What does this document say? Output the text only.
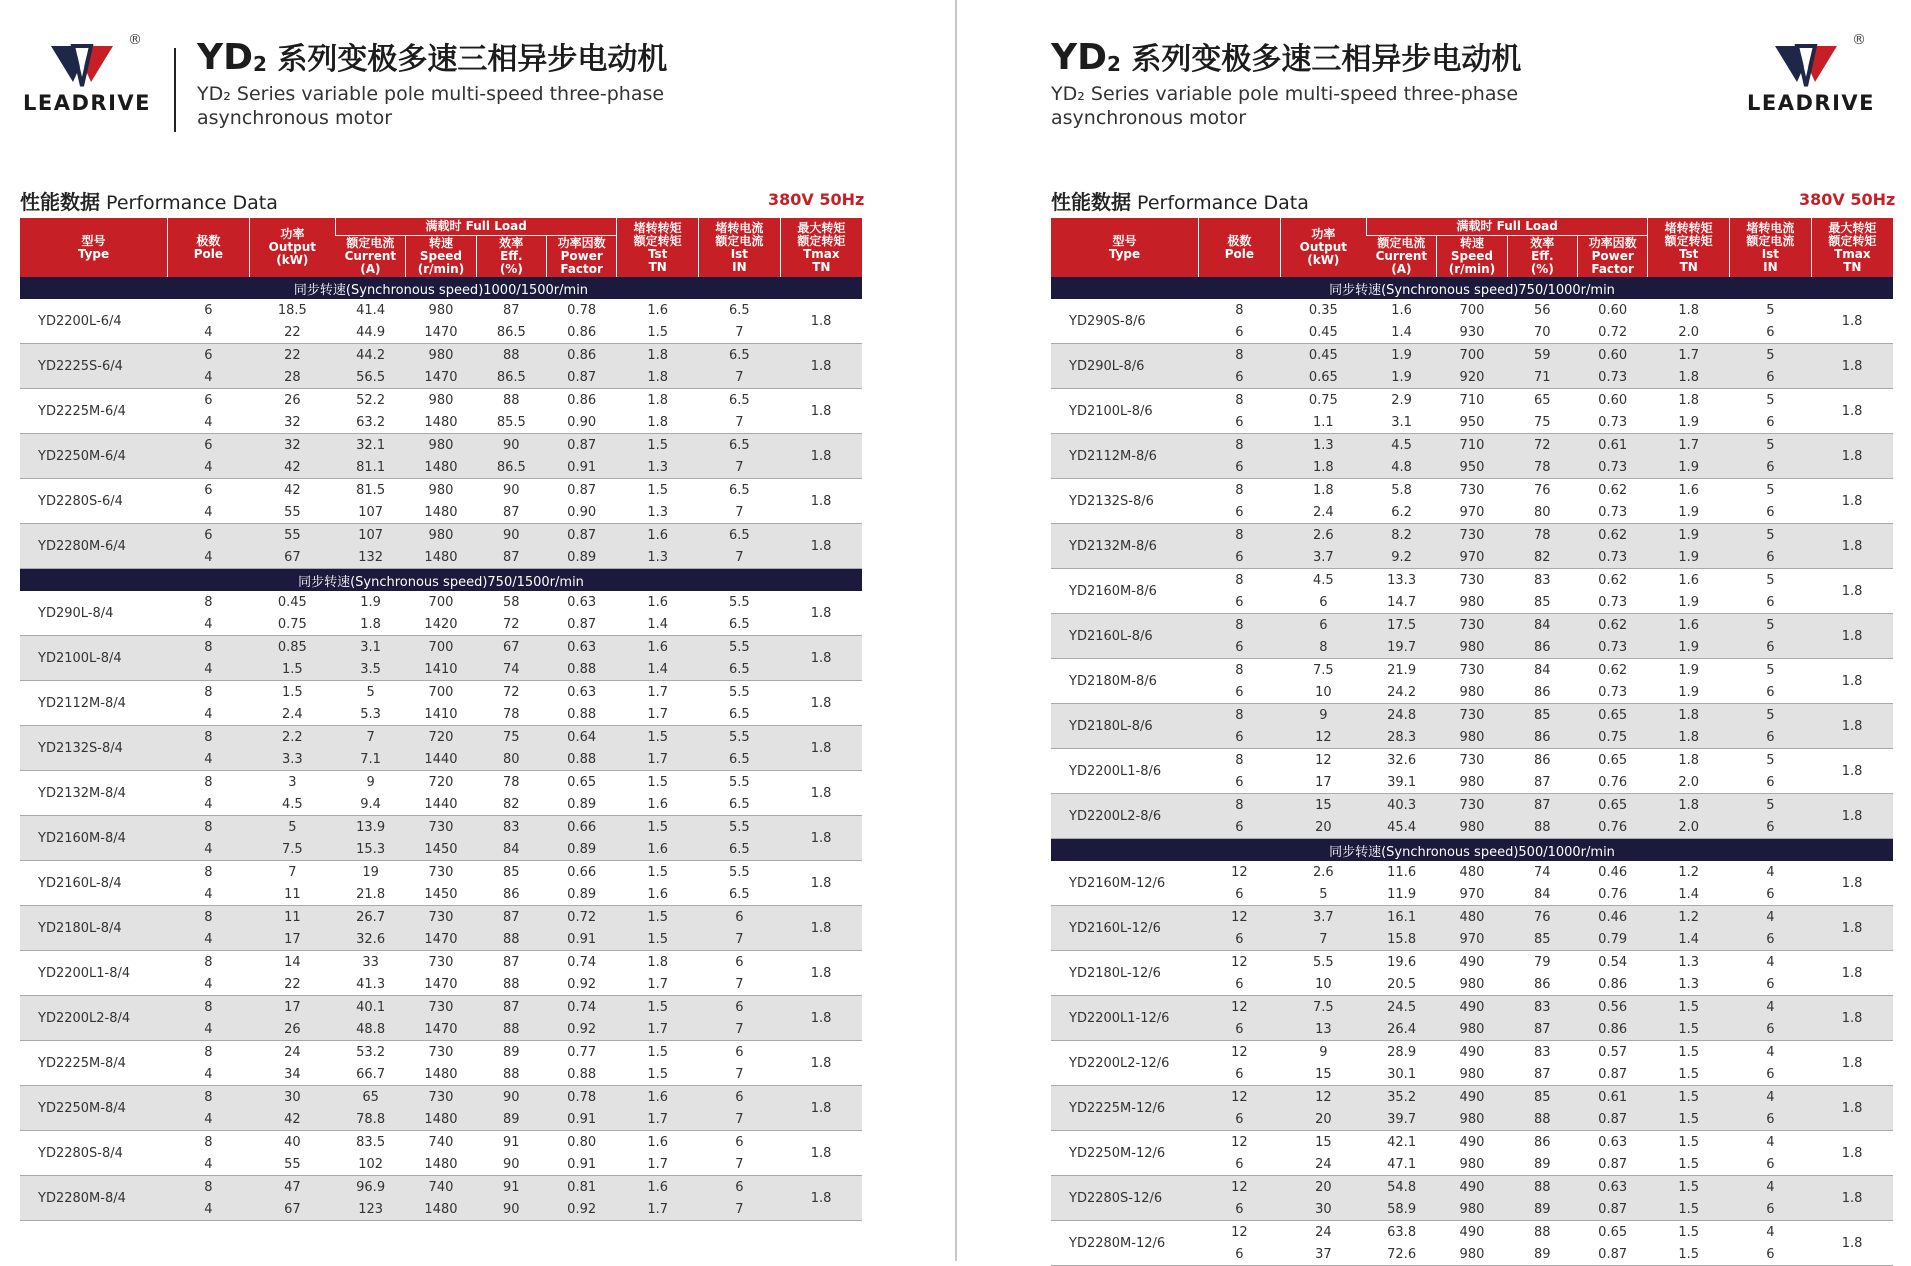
®
LEADRIVE
$YD_2$ 系列变极多速三相异步电动机
YD₂ Series variable pole multi-speed three-phase asynchronous motor
性能数据 Performance Data	380V 50Hz
型号
Type	极数
Pole	功率
Output
(kW)	满载时 Full Load				堵转转矩
额定转矩
Tst
TN	堵转电流
额定电流
Ist
IN	最大转矩
额定转矩
Tmax
TN
			额定电流
Current
(A)	转速
Speed
(r/min)	效率
Eff.
(%)	功率因数
Power
Factor			
同步转速(Synchronous speed)1000/1500r/min									
YD2200L-6/4	6	18.5	41.4	980	87	0.78	1.6	6.5	1.8
	4	22	44.9	1470	86.5	0.86	1.5	7	
YD2225S-6/4	6	22	44.2	980	88	0.86	1.8	6.5	1.8
	4	28	56.5	1470	86.5	0.87	1.8	7	
YD2225M-6/4	6	26	52.2	980	88	0.86	1.8	6.5	1.8
	4	32	63.2	1480	85.5	0.90	1.8	7	
YD2250M-6/4	6	32	32.1	980	90	0.87	1.5	6.5	1.8
	4	42	81.1	1480	86.5	0.91	1.3	7	
YD2280S-6/4	6	42	81.5	980	90	0.87	1.5	6.5	1.8
	4	55	107	1480	87	0.90	1.3	7	
YD2280M-6/4	6	55	107	980	90	0.87	1.6	6.5	1.8
	4	67	132	1480	87	0.89	1.3	7	
同步转速(Synchronous speed)750/1500r/min									
YD290L-8/4	8	0.45	1.9	700	58	0.63	1.6	5.5	1.8
	4	0.75	1.8	1420	72	0.87	1.4	6.5	
YD2100L-8/4	8	0.85	3.1	700	67	0.63	1.6	5.5	1.8
	4	1.5	3.5	1410	74	0.88	1.4	6.5	
YD2112M-8/4	8	1.5	5	700	72	0.63	1.7	5.5	1.8
	4	2.4	5.3	1410	78	0.88	1.7	6.5	
YD2132S-8/4	8	2.2	7	720	75	0.64	1.5	5.5	1.8
	4	3.3	7.1	1440	80	0.88	1.7	6.5	
YD2132M-8/4	8	3	9	720	78	0.65	1.5	5.5	1.8
	4	4.5	9.4	1440	82	0.89	1.6	6.5	
YD2160M-8/4	8	5	13.9	730	83	0.66	1.5	5.5	1.8
	4	7.5	15.3	1450	84	0.89	1.6	6.5	
YD2160L-8/4	8	7	19	730	85	0.66	1.5	5.5	1.8
	4	11	21.8	1450	86	0.89	1.6	6.5	
YD2180L-8/4	8	11	26.7	730	87	0.72	1.5	6	1.8
	4	17	32.6	1470	88	0.91	1.5	7	
YD2200L1-8/4	8	14	33	730	87	0.74	1.8	6	1.8
	4	22	41.3	1470	88	0.92	1.7	7	
YD2200L2-8/4	8	17	40.1	730	87	0.74	1.5	6	1.8
	4	26	48.8	1470	88	0.92	1.7	7	
YD2225M-8/4	8	24	53.2	730	89	0.77	1.5	6	1.8
	4	34	66.7	1480	88	0.88	1.5	7	
YD2250M-8/4	8	30	65	730	90	0.78	1.6	6	1.8
	4	42	78.8	1480	89	0.91	1.7	7	
YD2280S-8/4	8	40	83.5	740	91	0.80	1.6	6	1.8
	4	55	102	1480	90	0.91	1.7	7	
YD2280M-8/4	8	47	96.9	740	91	0.81	1.6	6	1.8
	4	67	123	1480	90	0.92	1.7	7	
$YD_2$ 系列变极多速三相异步电动机
YD₂ Series variable pole multi-speed three-phase asynchronous motor
®
LEADRIVE
性能数据 Performance Data	380V 50Hz
型号
Type	极数
Pole	功率
Output
(kW)	满载时 Full Load				堵转转矩
额定转矩
Tst
TN	堵转电流
额定电流
Ist
IN	最大转矩
额定转矩
Tmax
TN
			额定电流
Current
(A)	转速
Speed
(r/min)	效率
Eff.
(%)	功率因数
Power
Factor			
同步转速(Synchronous speed)750/1000r/min									
YD290S-8/6	8	0.35	1.6	700	56	0.60	1.8	5	1.8
	6	0.45	1.4	930	70	0.72	2.0	6	
YD290L-8/6	8	0.45	1.9	700	59	0.60	1.7	5	1.8
	6	0.65	1.9	920	71	0.73	1.8	6	
YD2100L-8/6	8	0.75	2.9	710	65	0.60	1.8	5	1.8
	6	1.1	3.1	950	75	0.73	1.9	6	
YD2112M-8/6	8	1.3	4.5	710	72	0.61	1.7	5	1.8
	6	1.8	4.8	950	78	0.73	1.9	6	
YD2132S-8/6	8	1.8	5.8	730	76	0.62	1.6	5	1.8
	6	2.4	6.2	970	80	0.73	1.9	6	
YD2132M-8/6	8	2.6	8.2	730	78	0.62	1.9	5	1.8
	6	3.7	9.2	970	82	0.73	1.9	6	
YD2160M-8/6	8	4.5	13.3	730	83	0.62	1.6	5	1.8
	6	6	14.7	980	85	0.73	1.9	6	
YD2160L-8/6	8	6	17.5	730	84	0.62	1.6	5	1.8
	6	8	19.7	980	86	0.73	1.9	6	
YD2180M-8/6	8	7.5	21.9	730	84	0.62	1.9	5	1.8
	6	10	24.2	980	86	0.73	1.9	6	
YD2180L-8/6	8	9	24.8	730	85	0.65	1.8	5	1.8
	6	12	28.3	980	86	0.75	1.8	6	
YD2200L1-8/6	8	12	32.6	730	86	0.65	1.8	5	1.8
	6	17	39.1	980	87	0.76	2.0	6	
YD2200L2-8/6	8	15	40.3	730	87	0.65	1.8	5	1.8
	6	20	45.4	980	88	0.76	2.0	6	
同步转速(Synchronous speed)500/1000r/min									
YD2160M-12/6	12	2.6	11.6	480	74	0.46	1.2	4	1.8
	6	5	11.9	970	84	0.76	1.4	6	
YD2160L-12/6	12	3.7	16.1	480	76	0.46	1.2	4	1.8
	6	7	15.8	970	85	0.79	1.4	6	
YD2180L-12/6	12	5.5	19.6	490	79	0.54	1.3	4	1.8
	6	10	20.5	980	86	0.86	1.3	6	
YD2200L1-12/6	12	7.5	24.5	490	83	0.56	1.5	4	1.8
	6	13	26.4	980	87	0.86	1.5	6	
YD2200L2-12/6	12	9	28.9	490	83	0.57	1.5	4	1.8
	6	15	30.1	980	87	0.87	1.5	6	
YD2225M-12/6	12	12	35.2	490	85	0.61	1.5	4	1.8
	6	20	39.7	980	88	0.87	1.5	6	
YD2250M-12/6	12	15	42.1	490	86	0.63	1.5	4	1.8
	6	24	47.1	980	89	0.87	1.5	6	
YD2280S-12/6	12	20	54.8	490	88	0.63	1.5	4	1.8
	6	30	58.9	980	89	0.87	1.5	6	
YD2280M-12/6	12	24	63.8	490	88	0.65	1.5	4	1.8
	6	37	72.6	980	89	0.87	1.5	6	
